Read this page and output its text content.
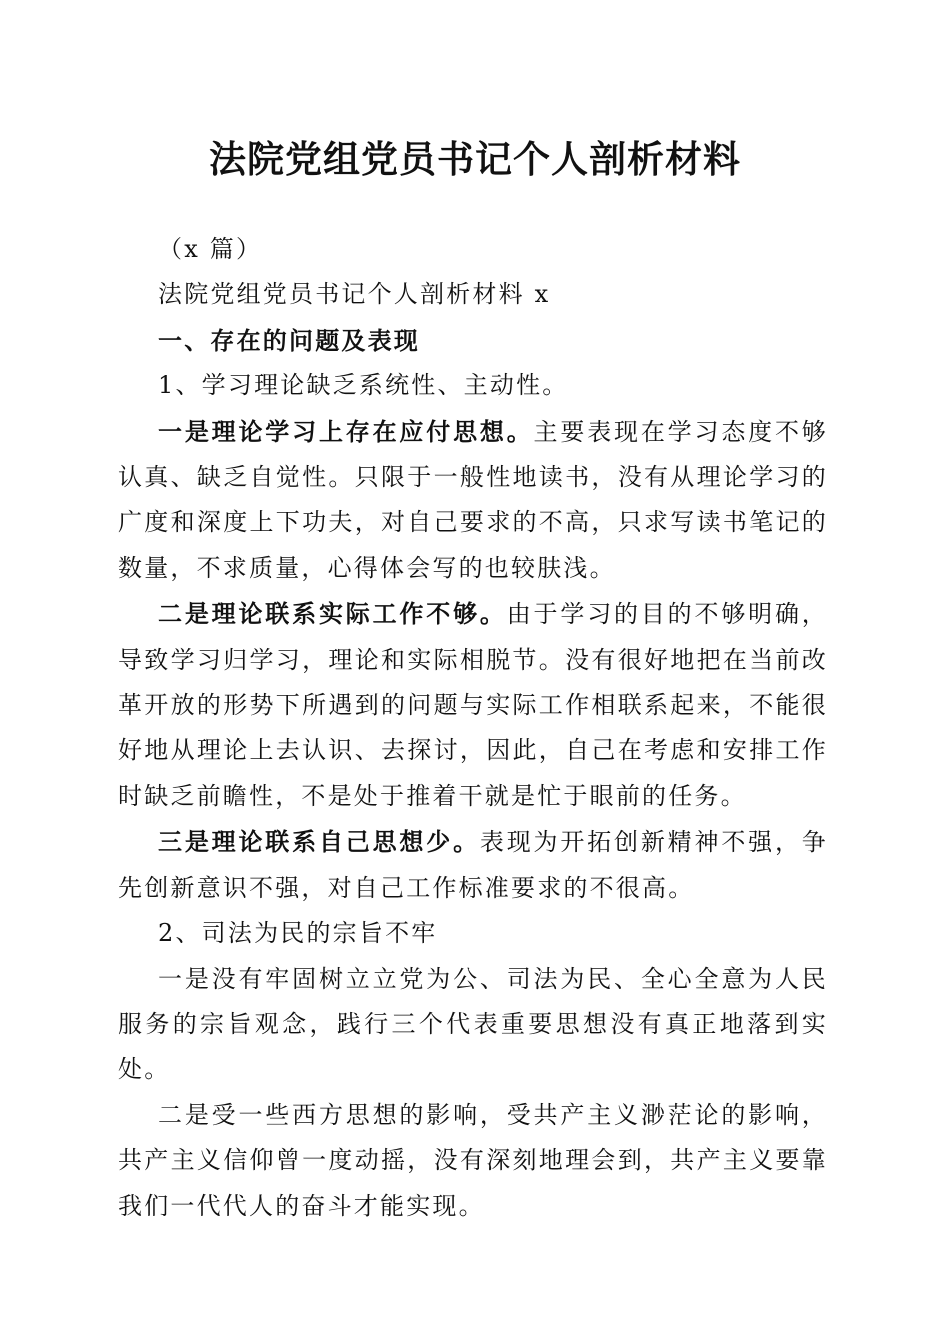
法院党组党员书记个人剖析材料

（x 篇）

法院党组党员书记个人剖析材料 x

一、存在的问题及表现

1、学习理论缺乏系统性、主动性。

一是理论学习上存在应付思想。主要表现在学习态度不够认真、缺乏自觉性。只限于一般性地读书，没有从理论学习的广度和深度上下功夫，对自己要求的不高，只求写读书笔记的数量，不求质量，心得体会写的也较肤浅。

二是理论联系实际工作不够。由于学习的目的不够明确，导致学习归学习，理论和实际相脱节。没有很好地把在当前改革开放的形势下所遇到的问题与实际工作相联系起来，不能很好地从理论上去认识、去探讨，因此，自己在考虑和安排工作时缺乏前瞻性，不是处于推着干就是忙于眼前的任务。

三是理论联系自己思想少。表现为开拓创新精神不强，争先创新意识不强，对自己工作标准要求的不很高。

2、司法为民的宗旨不牢

一是没有牢固树立立党为公、司法为民、全心全意为人民服务的宗旨观念，践行三个代表重要思想没有真正地落到实处。

二是受一些西方思想的影响，受共产主义渺茫论的影响，共产主义信仰曾一度动摇，没有深刻地理会到，共产主义要靠我们一代代人的奋斗才能实现。
